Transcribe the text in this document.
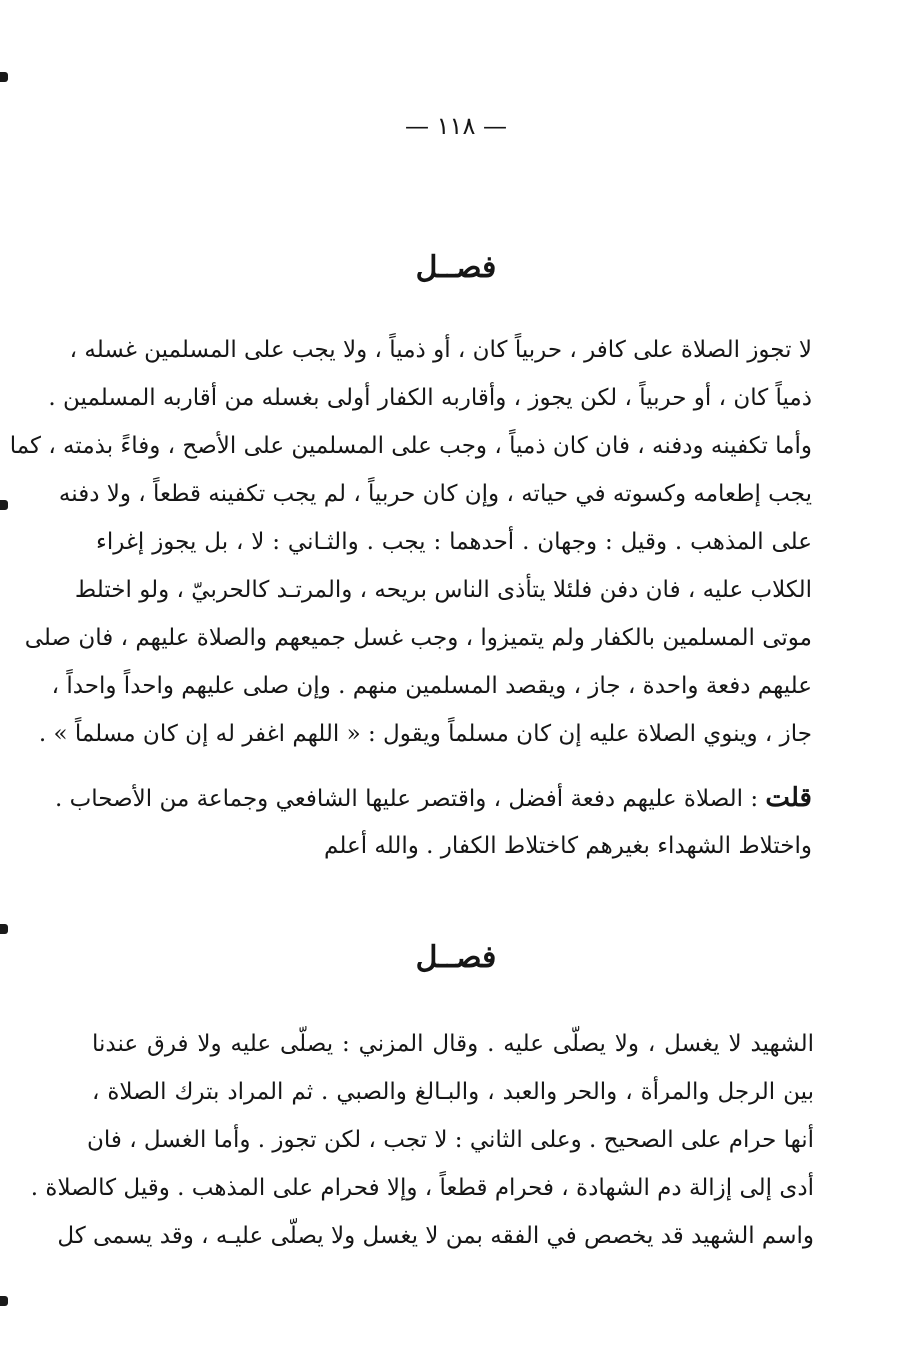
— ١١٨ —
فصــل
لا تجوز الصلاة على كافر ، حربياً كان ، أو ذمياً ، ولا يجب على المسلمين غسله ،
ذمياً كان ، أو حربياً ، لكن يجوز ، وأقاربه الكفار أولى بغسله من أقاربه المسلمين .
وأما تكفينه ودفنه ، فان كان ذمياً ، وجب على المسلمين على الأصح ، وفاءً بذمته ، كما
يجب إطعامه وكسوته في حياته ، وإن كان حربياً ، لم يجب تكفينه قطعاً ، ولا دفنه
على المذهب . وقيل : وجهان . أحدهما : يجب . والثـاني : لا ، بل يجوز إغراء
الكلاب عليه ، فان دفن فلئلا يتأذى الناس بريحه ، والمرتـد كالحربيّ ، ولو اختلط
موتى المسلمين بالكفار ولم يتميزوا ، وجب غسل جميعهم والصلاة عليهم ، فان صلى
عليهم دفعة واحدة ، جاز ، ويقصد المسلمين منهم . وإن صلى عليهم واحداً واحداً ،
جاز ، وينوي الصلاة عليه إن كان مسلماً ويقول : « اللهم اغفر له إن كان مسلماً » .
قلت : الصلاة عليهم دفعة أفضل ، واقتصر عليها الشافعي وجماعة من الأصحاب .
واختلاط الشهداء بغيرهم كاختلاط الكفار . والله أعلم
فصــل
الشهيد لا يغسل ، ولا يصلّى عليه . وقال المزني : يصلّى عليه ولا فرق عندنا
بين الرجل والمرأة ، والحر والعبد ، والبـالغ والصبي . ثم المراد بترك الصلاة ،
أنها حرام على الصحيح . وعلى الثاني : لا تجب ، لكن تجوز . وأما الغسل ، فان
أدى إلى إزالة دم الشهادة ، فحرام قطعاً ، وإلا فحرام على المذهب . وقيل كالصلاة .
واسم الشهيد قد يخصص في الفقه بمن لا يغسل ولا يصلّى عليـه ، وقد يسمى كل
